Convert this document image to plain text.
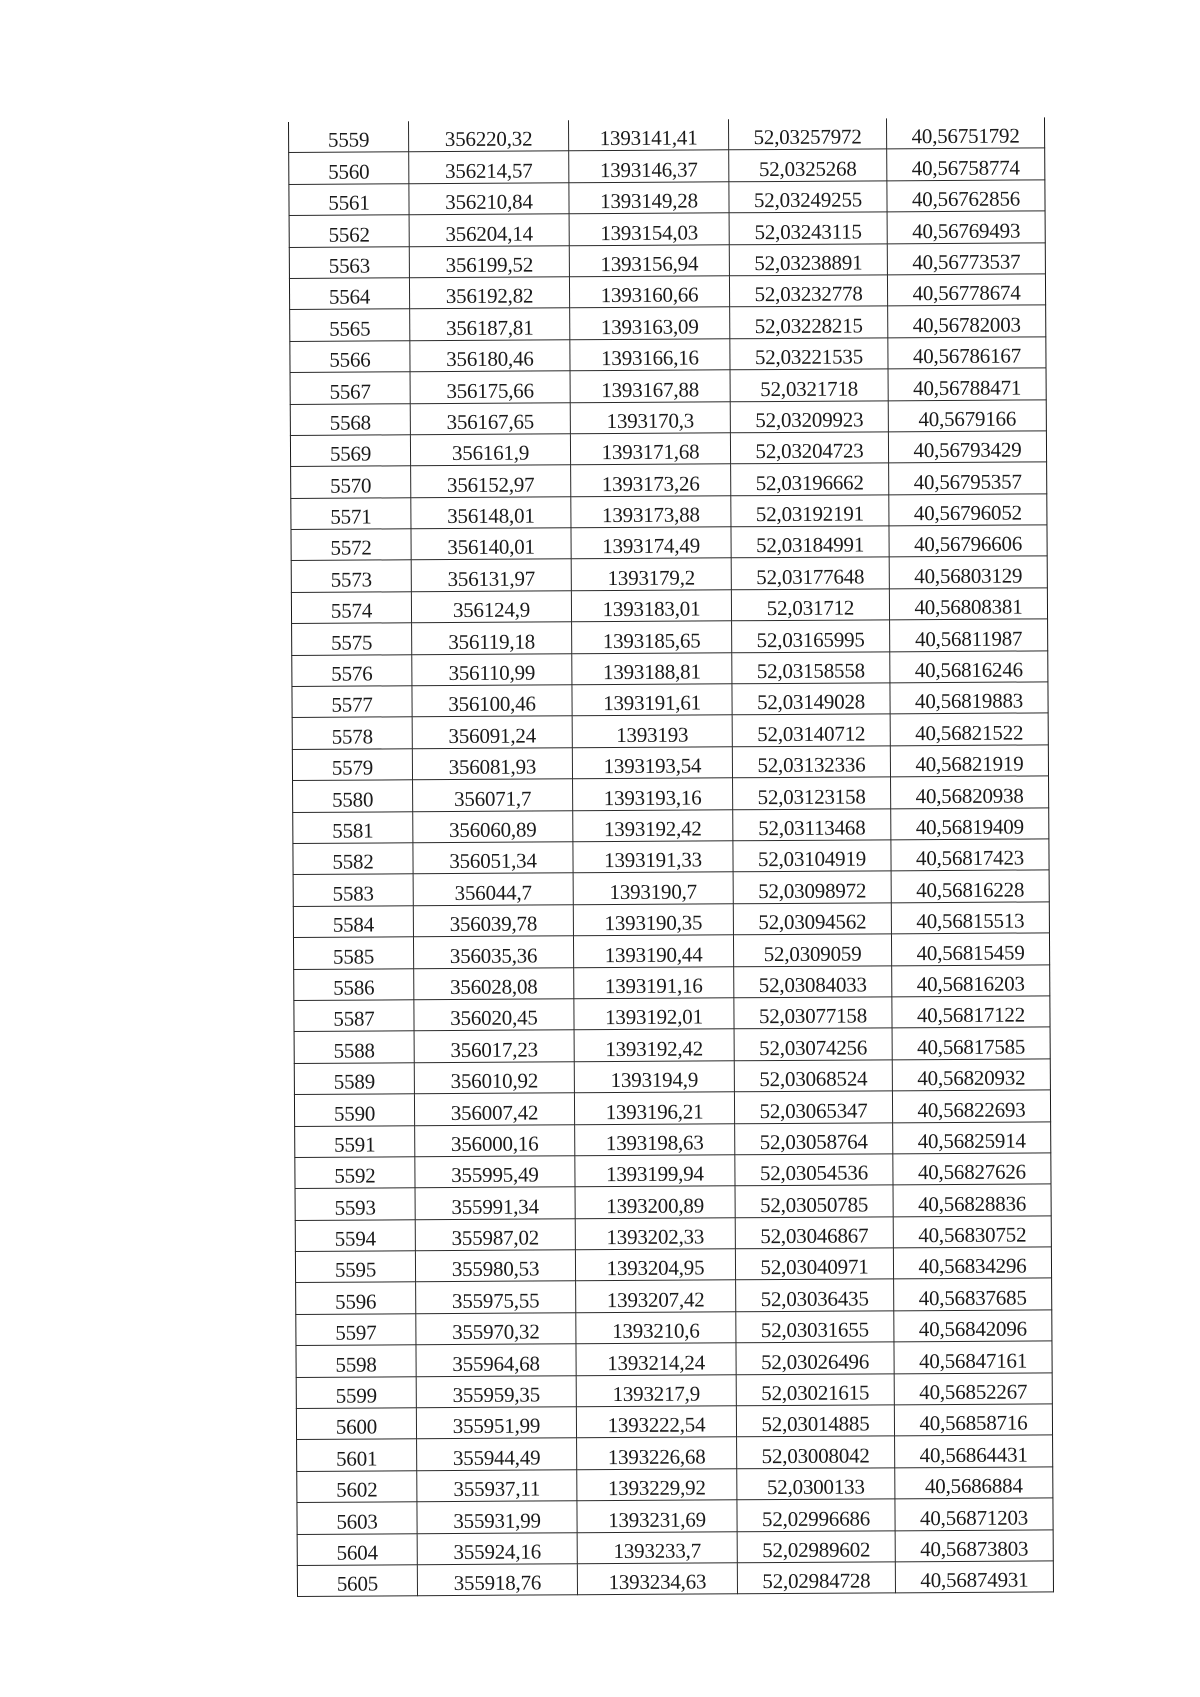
5559	356220,32	1393141,41	52,03257972	40,56751792
5560	356214,57	1393146,37	52,0325268	40,56758774
5561	356210,84	1393149,28	52,03249255	40,56762856
5562	356204,14	1393154,03	52,03243115	40,56769493
5563	356199,52	1393156,94	52,03238891	40,56773537
5564	356192,82	1393160,66	52,03232778	40,56778674
5565	356187,81	1393163,09	52,03228215	40,56782003
5566	356180,46	1393166,16	52,03221535	40,56786167
5567	356175,66	1393167,88	52,0321718	40,56788471
5568	356167,65	1393170,3	52,03209923	40,5679166
5569	356161,9	1393171,68	52,03204723	40,56793429
5570	356152,97	1393173,26	52,03196662	40,56795357
5571	356148,01	1393173,88	52,03192191	40,56796052
5572	356140,01	1393174,49	52,03184991	40,56796606
5573	356131,97	1393179,2	52,03177648	40,56803129
5574	356124,9	1393183,01	52,031712	40,56808381
5575	356119,18	1393185,65	52,03165995	40,56811987
5576	356110,99	1393188,81	52,03158558	40,56816246
5577	356100,46	1393191,61	52,03149028	40,56819883
5578	356091,24	1393193	52,03140712	40,56821522
5579	356081,93	1393193,54	52,03132336	40,56821919
5580	356071,7	1393193,16	52,03123158	40,56820938
5581	356060,89	1393192,42	52,03113468	40,56819409
5582	356051,34	1393191,33	52,03104919	40,56817423
5583	356044,7	1393190,7	52,03098972	40,56816228
5584	356039,78	1393190,35	52,03094562	40,56815513
5585	356035,36	1393190,44	52,0309059	40,56815459
5586	356028,08	1393191,16	52,03084033	40,56816203
5587	356020,45	1393192,01	52,03077158	40,56817122
5588	356017,23	1393192,42	52,03074256	40,56817585
5589	356010,92	1393194,9	52,03068524	40,56820932
5590	356007,42	1393196,21	52,03065347	40,56822693
5591	356000,16	1393198,63	52,03058764	40,56825914
5592	355995,49	1393199,94	52,03054536	40,56827626
5593	355991,34	1393200,89	52,03050785	40,56828836
5594	355987,02	1393202,33	52,03046867	40,56830752
5595	355980,53	1393204,95	52,03040971	40,56834296
5596	355975,55	1393207,42	52,03036435	40,56837685
5597	355970,32	1393210,6	52,03031655	40,56842096
5598	355964,68	1393214,24	52,03026496	40,56847161
5599	355959,35	1393217,9	52,03021615	40,56852267
5600	355951,99	1393222,54	52,03014885	40,56858716
5601	355944,49	1393226,68	52,03008042	40,56864431
5602	355937,11	1393229,92	52,0300133	40,5686884
5603	355931,99	1393231,69	52,02996686	40,56871203
5604	355924,16	1393233,7	52,02989602	40,56873803
5605	355918,76	1393234,63	52,02984728	40,56874931
